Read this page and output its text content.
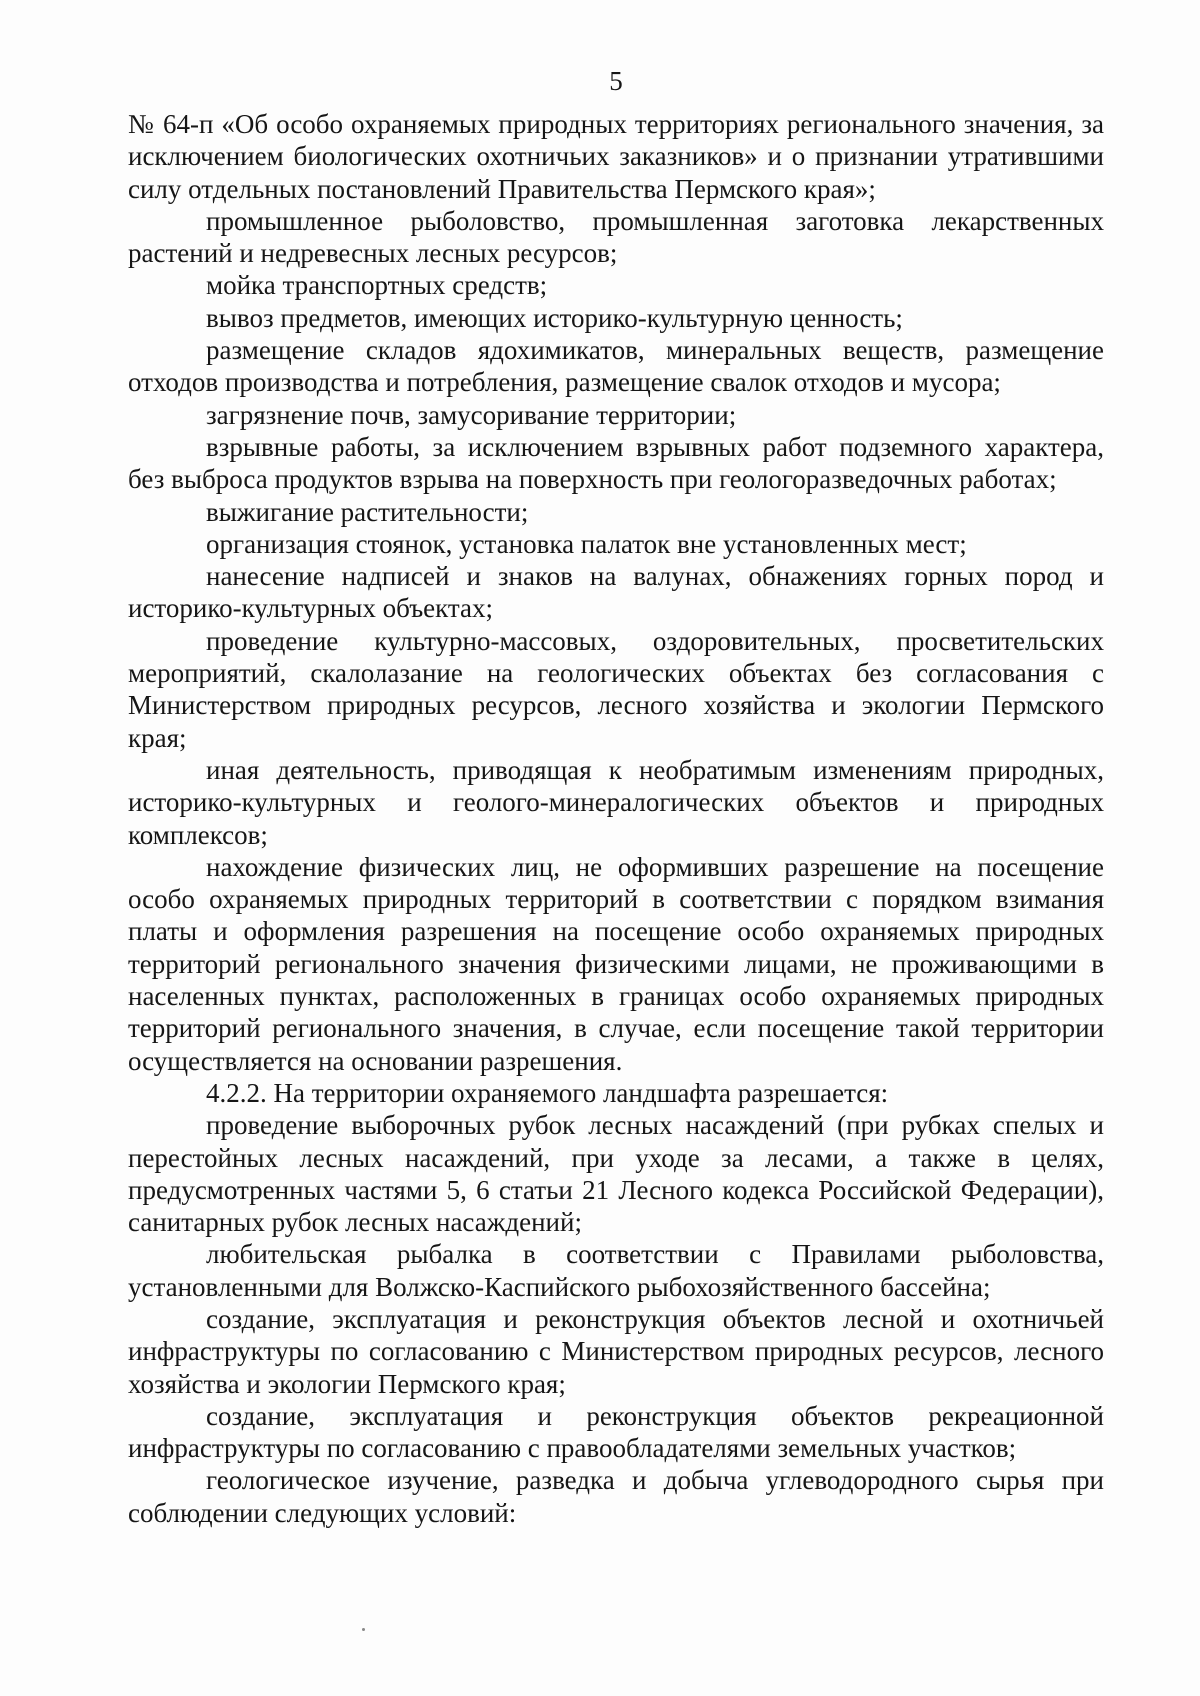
5

№ 64-п «Об особо охраняемых природных территориях регионального значения, за исключением биологических охотничьих заказников» и о признании утратившими силу отдельных постановлений Правительства Пермского края»;

промышленное рыболовство, промышленная заготовка лекарственных растений и недревесных лесных ресурсов;

мойка транспортных средств;

вывоз предметов, имеющих историко-культурную ценность;

размещение складов ядохимикатов, минеральных веществ, размещение отходов производства и потребления, размещение свалок отходов и мусора;

загрязнение почв, замусоривание территории;

взрывные работы, за исключением взрывных работ подземного характера, без выброса продуктов взрыва на поверхность при геологоразведочных работах;

выжигание растительности;

организация стоянок, установка палаток вне установленных мест;

нанесение надписей и знаков на валунах, обнажениях горных пород и историко-культурных объектах;

проведение культурно-массовых, оздоровительных, просветительских мероприятий, скалолазание на геологических объектах без согласования с Министерством природных ресурсов, лесного хозяйства и экологии Пермского края;

иная деятельность, приводящая к необратимым изменениям природных, историко-культурных и геолого-минералогических объектов и природных комплексов;

нахождение физических лиц, не оформивших разрешение на посещение особо охраняемых природных территорий в соответствии с порядком взимания платы и оформления разрешения на посещение особо охраняемых природных территорий регионального значения физическими лицами, не проживающими в населенных пунктах, расположенных в границах особо охраняемых природных территорий регионального значения, в случае, если посещение такой территории осуществляется на основании разрешения.

4.2.2. На территории охраняемого ландшафта разрешается:

проведение выборочных рубок лесных насаждений (при рубках спелых и перестойных лесных насаждений, при уходе за лесами, а также в целях, предусмотренных частями 5, 6 статьи 21 Лесного кодекса Российской Федерации), санитарных рубок лесных насаждений;

любительская рыбалка в соответствии с Правилами рыболовства, установленными для Волжско-Каспийского рыбохозяйственного бассейна;

создание, эксплуатация и реконструкция объектов лесной и охотничьей инфраструктуры по согласованию с Министерством природных ресурсов, лесного хозяйства и экологии Пермского края;

создание, эксплуатация и реконструкция объектов рекреационной инфраструктуры по согласованию с правообладателями земельных участков;

геологическое изучение, разведка и добыча углеводородного сырья при соблюдении следующих условий:
